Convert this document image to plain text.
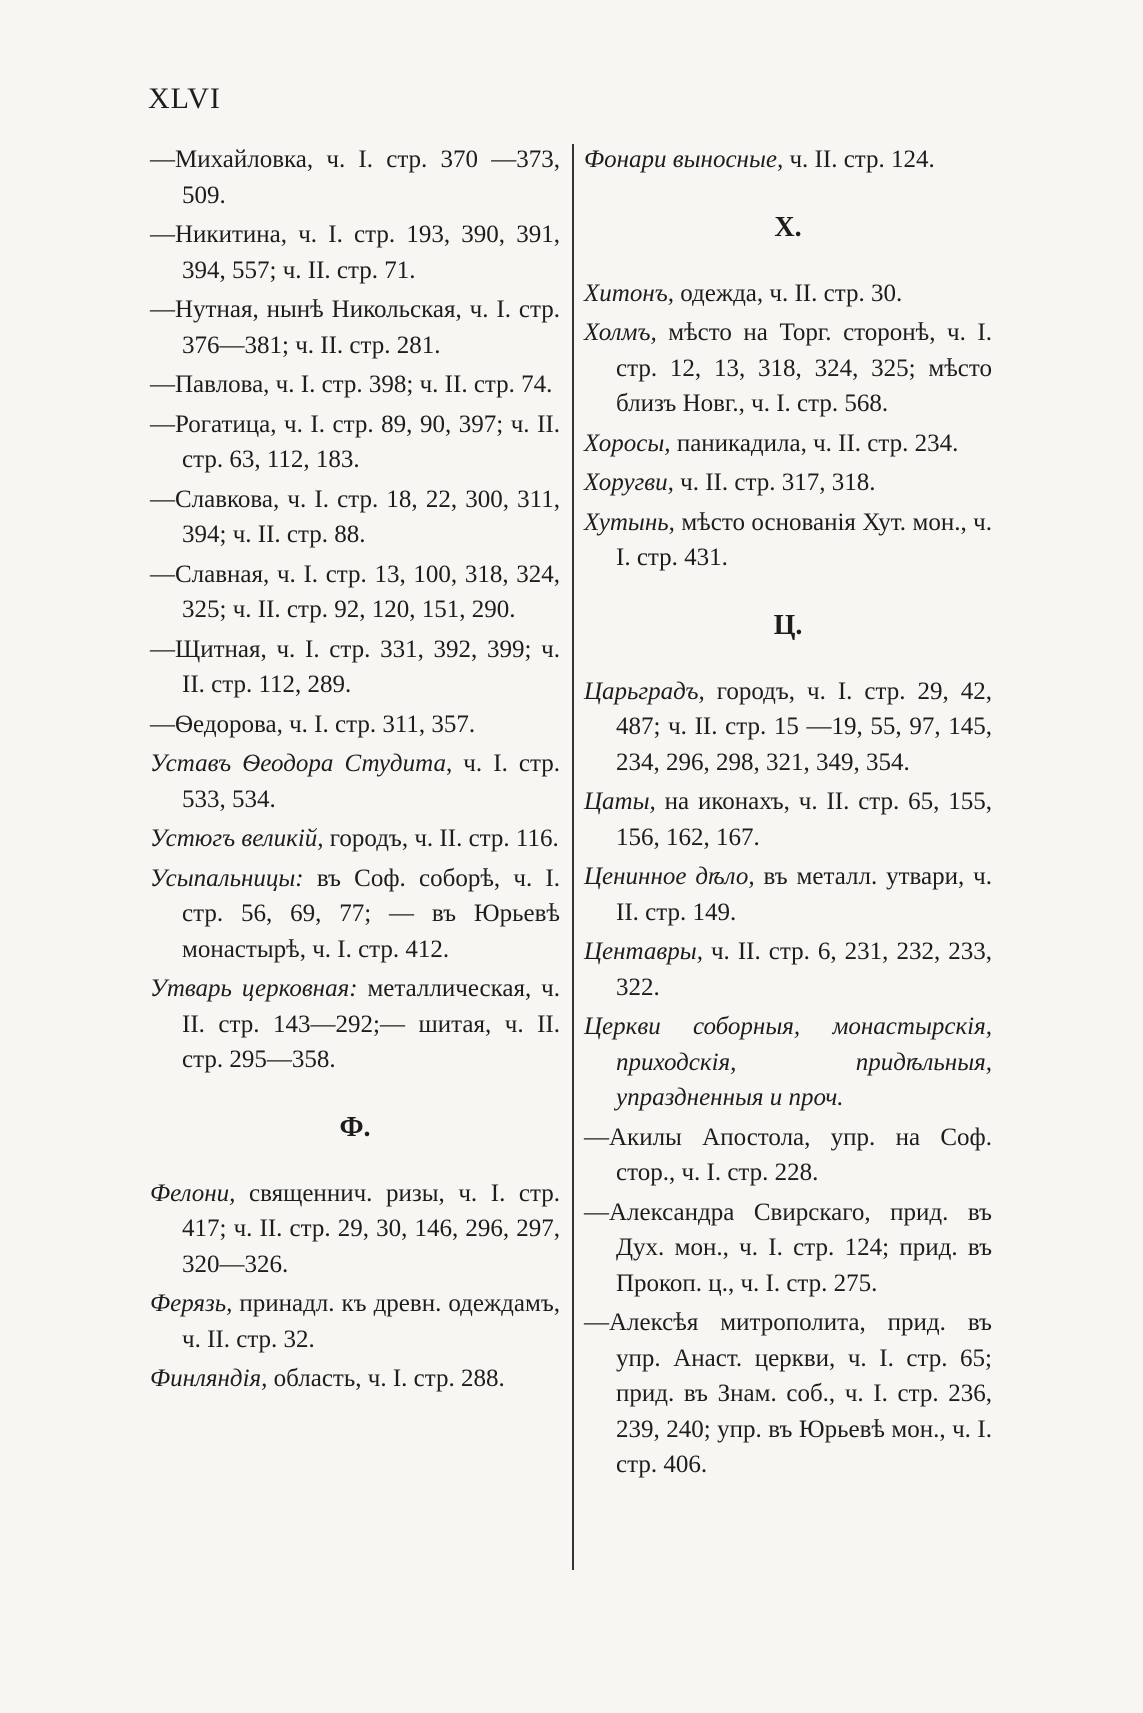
XLVI

—Михайловка, ч. I. стр. 370 —373, 509.

—Никитина, ч. I. стр. 193, 390, 391, 394, 557; ч. II. стр. 71.

—Нутная, нынѣ Никольская, ч. I. стр. 376—381; ч. II. стр. 281.

—Павлова, ч. I. стр. 398; ч. II. стр. 74.

—Рогатица, ч. I. стр. 89, 90, 397; ч. II. стр. 63, 112, 183.

—Славкова, ч. I. стр. 18, 22, 300, 311, 394; ч. II. стр. 88.

—Славная, ч. I. стр. 13, 100, 318, 324, 325; ч. II. стр. 92, 120, 151, 290.

—Щитная, ч. I. стр. 331, 392, 399; ч. II. стр. 112, 289.

—Ѳедорова, ч. I. стр. 311, 357.

Уставъ Ѳеодора Студита, ч. I. стр. 533, 534.

Устюгъ великій, городъ, ч. II. стр. 116.

Усыпальницы: въ Соф. соборѣ, ч. I. стр. 56, 69, 77; — въ Юрьевѣ монастырѣ, ч. I. стр. 412.

Утварь церковная: металлическая, ч. II. стр. 143—292;— шитая, ч. II. стр. 295—358.

Ф.

Фелони, священнич. ризы, ч. I. стр. 417; ч. II. стр. 29, 30, 146, 296, 297, 320—326.

Ферязь, принадл. къ древн. одеждамъ, ч. II. стр. 32.

Финляндія, область, ч. I. стр. 288.

Фонари выносные, ч. II. стр. 124.

Х.

Хитонъ, одежда, ч. II. стр. 30.

Холмъ, мѣсто на Торг. сторонѣ, ч. I. стр. 12, 13, 318, 324, 325; мѣсто близъ Новг., ч. I. стр. 568.

Хоросы, паникадила, ч. II. стр. 234.

Хоругви, ч. II. стр. 317, 318.

Хутынь, мѣсто основанія Хут. мон., ч. I. стр. 431.

Ц.

Царьградъ, городъ, ч. I. стр. 29, 42, 487; ч. II. стр. 15 —19, 55, 97, 145, 234, 296, 298, 321, 349, 354.

Цаты, на иконахъ, ч. II. стр. 65, 155, 156, 162, 167.

Ценинное дѣло, въ металл. утвари, ч. II. стр. 149.

Центавры, ч. II. стр. 6, 231, 232, 233, 322.

Церкви соборныя, монастырскія, приходскія, придѣльныя, упраздненныя и проч.

—Акилы Апостола, упр. на Соф. стор., ч. I. стр. 228.

—Александра Свирскаго, прид. въ Дух. мон., ч. I. стр. 124; прид. въ Прокоп. ц., ч. I. стр. 275.

—Алексѣя митрополита, прид. въ упр. Анаст. церкви, ч. I. стр. 65; прид. въ Знам. соб., ч. I. стр. 236, 239, 240; упр. въ Юрьевѣ мон., ч. I. стр. 406.
